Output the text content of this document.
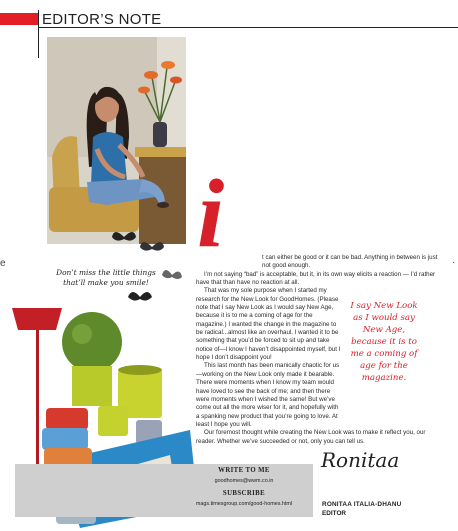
EDITOR’S NOTE
Don’t miss the little things that’ll make you smile!
i	t can either be good or it can be bad. Anything in between is just not good enough.

I’m not saying “bad” is acceptable, but it, in its own way elicits a reaction — I’d rather have that than have no reaction at all.

That was my sole purpose when I started my research for the New Look for GoodHomes. (Please note that I say New Look as I would say New Age, because it is to me a coming of age for the magazine.) I wanted the change in the magazine to be radical...almost like an overhaul. I wanted it to be something that you’d be forced to sit up and take notice of—I know I haven’t disappointed myself, but I hope I don’t disappoint you!

This last month has been manically chaotic for us—working on the New Look only made it bearable. There were moments when I know my team would have loved to see the back of me; and then there were moments when I wished the same! But we’ve come out all the more wiser for it, and hopefully with a spanking new product that you’re going to love. At least I hope you will.

Our foremost thought while creating the New Look was to make it reflect you, our reader. Whether we’ve succeeded or not, only you can tell us.

I say New Look as I would say New Age, because it is to me a coming of age for the magazine.
WRITE TO ME
goodhomes@wwm.co.in
SUBSCRIBE
mags.timesgroup.com/good-homes.html
Ronitaa
RONITAA ITALIA-DHANU
EDITOR
e	·
